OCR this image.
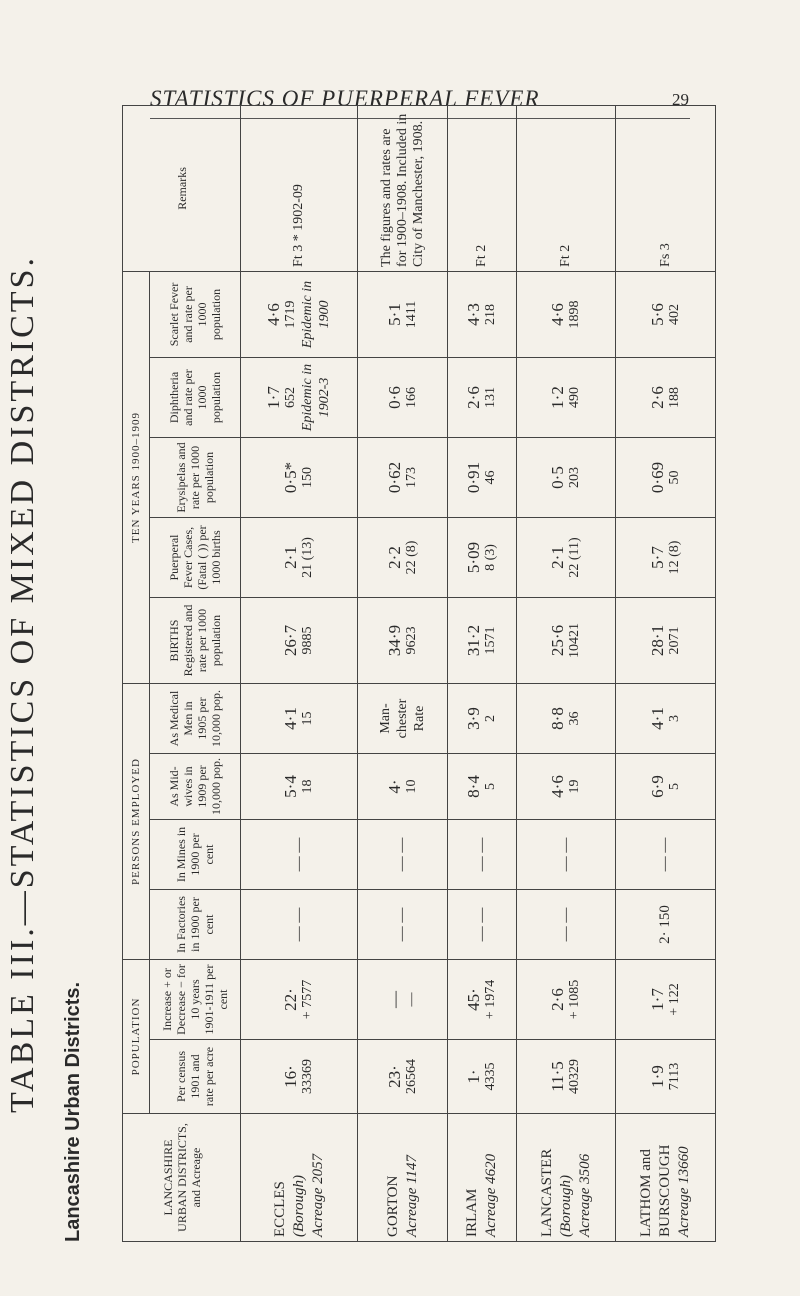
STATISTICS OF PUERPERAL FEVER	29
TABLE III.—STATISTICS OF MIXED DISTRICTS. Lancashire Urban Districts.	LANCASHIRE URBAN DISTRICTS, and Acreage	POPULATION		PERSONS EMPLOYED				TEN YEARS 1900–1909					Remarks
	Per census 1901 and rate per acre	Increase + or Decrease − for 10 years 1901-1911 per cent	In Factories in 1900 per cent	In Mines in 1900 per cent	As Mid-wives in 1909 per 10,000 pop.	As Medical Men in 1905 per 10,000 pop.	BIRTHS Registered and rate per 1000 population	Puerperal Fever Cases, (Fatal ( )) per 1000 births	Erysipelas and rate per 1000 population	Diphtheria and rate per 1000 population	Scarlet Fever and rate per 1000 population	
ECCLES (Borough) Acreage 2057	16· 33369	22· + 7577	— —	— —	5·4 18	4·1 15	26·7 9885	2·1 21 (13)	0·5* 150	1·7 652 Epidemic in 1902-3	4·6 1719 Epidemic in 1900	Ft 3 * 1902-09
GORTON Acreage 1147	23· 26564	— —	— —	— —	4· 10	Man-chester Rate	34·9 9623	2·2 22 (8)	0·62 173	0·6 166	5·1 1411	The figures and rates are for 1900–1908. Included in City of Manchester, 1908.
IRLAM Acreage 4620	1· 4335	45· + 1974	— —	— —	8·4 5	3·9 2	31·2 1571	5·09 8 (3)	0·91 46	2·6 131	4·3 218	Ft 2
LANCASTER (Borough) Acreage 3506	11·5 40329	2·6 + 1085	— —	— —	4·6 19	8·8 36	25·6 10421	2·1 22 (11)	0·5 203	1·2 490	4·6 1898	Ft 2
LATHOM and BURSCOUGH Acreage 13660	1·9 7113	1·7 + 122	2· 150	— —	6·9 5	4·1 3	28·1 2071	5·7 12 (8)	0·69 50	2·6 188	5·6 402	Fs 3
